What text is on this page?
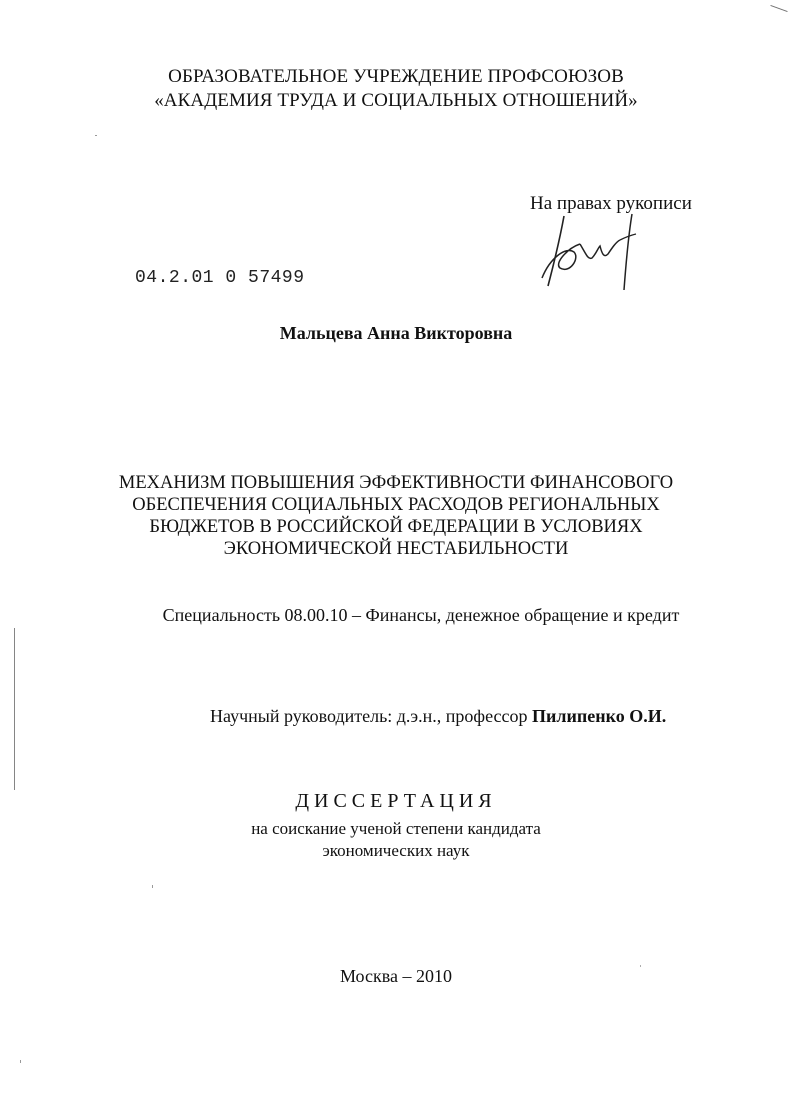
ОБРАЗОВАТЕЛЬНОЕ УЧРЕЖДЕНИЕ ПРОФСОЮЗОВ
«АКАДЕМИЯ ТРУДА И СОЦИАЛЬНЫХ ОТНОШЕНИЙ»
На правах рукописи
04.2.01 0 57499
Мальцева Анна Викторовна
МЕХАНИЗМ ПОВЫШЕНИЯ ЭФФЕКТИВНОСТИ ФИНАНСОВОГО
ОБЕСПЕЧЕНИЯ СОЦИАЛЬНЫХ РАСХОДОВ РЕГИОНАЛЬНЫХ
БЮДЖЕТОВ В РОССИЙСКОЙ ФЕДЕРАЦИИ В УСЛОВИЯХ
ЭКОНОМИЧЕСКОЙ НЕСТАБИЛЬНОСТИ
Специальность 08.00.10 – Финансы, денежное обращение и кредит
Научный руководитель: д.э.н., профессор Пилипенко О.И.
ДИССЕРТАЦИЯ
на соискание ученой степени кандидата
экономических наук
Москва – 2010
